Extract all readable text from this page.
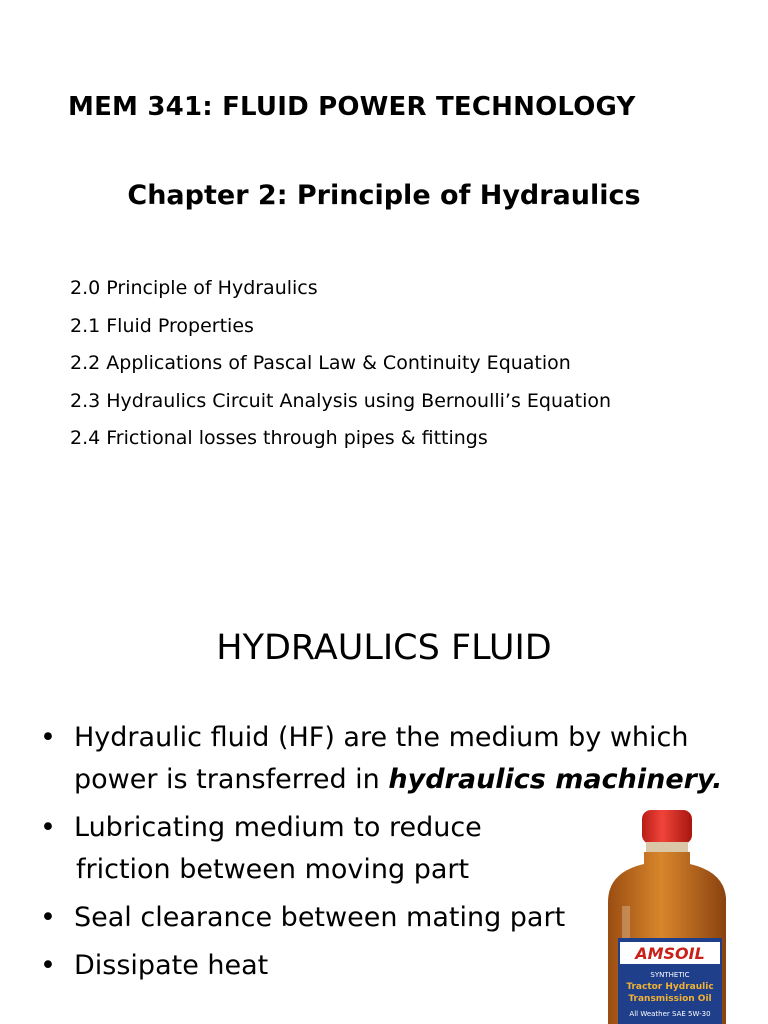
MEM 341: FLUID POWER TECHNOLOGY
Chapter 2: Principle of Hydraulics
2.0 Principle of Hydraulics
2.1 Fluid Properties
2.2 Applications of Pascal Law & Continuity Equation
2.3 Hydraulics Circuit Analysis using Bernoulli’s Equation
2.4 Frictional losses through pipes & fittings
HYDRAULICS FLUID
• Hydraulic fluid (HF) are the medium by which
power is transferred in hydraulics machinery.
• Lubricating medium to reduce
friction between moving part
• Seal clearance between mating part
• Dissipate heat	AMSOIL
SYNTHETIC
Tractor Hydraulic
Transmission Oil
All Weather SAE 5W-30
